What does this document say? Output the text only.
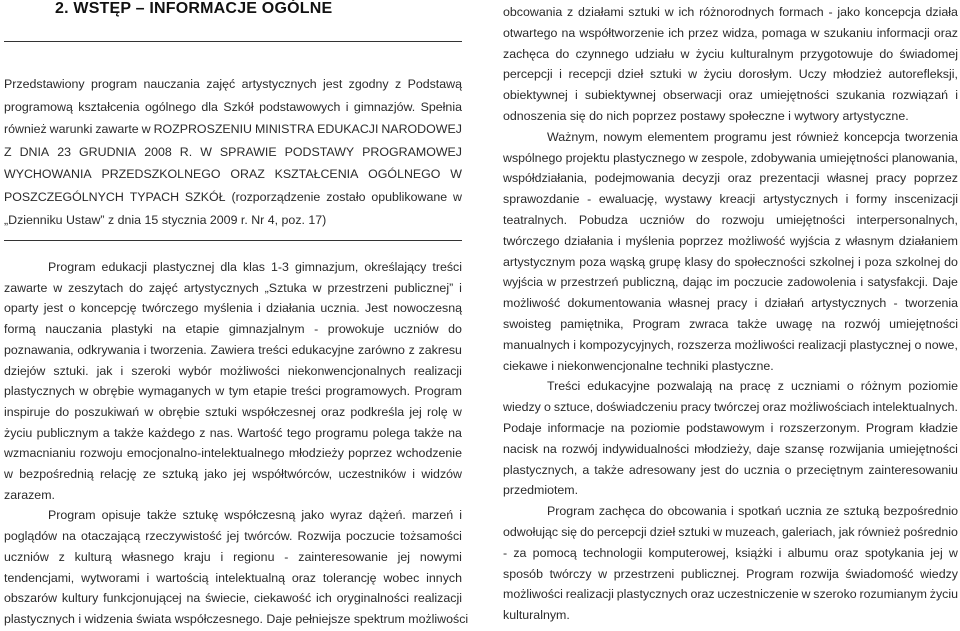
2. WSTĘP – INFORMACJE OGÓLNE
Przedstawiony program nauczania zajęć artystycznych jest zgodny z Podstawą
programową kształcenia ogólnego dla Szkół podstawowych i gimnazjów. Spełnia
również warunki zawarte w ROZPROSZENIU MINISTRA EDUKACJI NARODOWEJ
Z DNIA 23 GRUDNIA 2008 R. W SPRAWIE PODSTAWY PROGRAMOWEJ
WYCHOWANIA PRZEDSZKOLNEGO ORAZ KSZTAŁCENIA OGÓLNEGO W
POSZCZEGÓLNYCH TYPACH SZKÓŁ (rozporządzenie zostało opublikowane w
„Dzienniku Ustaw” z dnia 15 stycznia 2009 r. Nr 4, poz. 17)
Program edukacji plastycznej dla klas 1-3 gimnazjum, określający treści
zawarte w zeszytach do zajęć artystycznych „Sztuka w przestrzeni publicznej” i
oparty jest o koncepcję twórczego myślenia i działania ucznia. Jest nowoczesną
formą nauczania plastyki na etapie gimnazjalnym - prowokuje uczniów do
poznawania, odkrywania i tworzenia. Zawiera treści edukacyjne zarówno z zakresu
dziejów sztuki. jak i szeroki wybór możliwości niekonwencjonalnych realizacji
plastycznych w obrębie wymaganych w tym etapie treści programowych. Program
inspiruje do poszukiwań w obrębie sztuki współczesnej oraz podkreśla jej rolę w
życiu publicznym a także każdego z nas. Wartość tego programu polega także na
wzmacnianiu rozwoju emocjonalno-intelektualnego młodzieży poprzez wchodzenie
w bezpośrednią relację ze sztuką jako jej współtwórców, uczestników i widzów
zarazem.
Program opisuje także sztukę współczesną jako wyraz dążeń. marzeń i
poglądów na otaczającą rzeczywistość jej twórców. Rozwija poczucie tożsamości
uczniów z kulturą własnego kraju i regionu - zainteresowanie jej nowymi
tendencjami, wytworami i wartością intelektualną oraz tolerancję wobec innych
obszarów kultury funkcjonującej na świecie, ciekawość ich oryginalności realizacji
plastycznych i widzenia świata współczesnego. Daje pełniejsze spektrum możliwości
obcowania z działami sztuki w ich różnorodnych formach - jako koncepcja działa
otwartego na współtworzenie ich przez widza, pomaga w szukaniu informacji oraz
zachęca do czynnego udziału w życiu kulturalnym przygotowuje do świadomej
percepcji i recepcji dzieł sztuki w życiu dorosłym. Uczy młodzież autorefleksji,
obiektywnej i subiektywnej obserwacji oraz umiejętności szukania rozwiązań i
odnoszenia się do nich poprzez postawy społeczne i wytwory artystyczne.
Ważnym, nowym elementem programu jest również koncepcja tworzenia
wspólnego projektu plastycznego w zespole, zdobywania umiejętności planowania,
współdziałania, podejmowania decyzji oraz prezentacji własnej pracy poprzez
sprawozdanie - ewaluację, wystawy kreacji artystycznych i formy inscenizacji
teatralnych. Pobudza uczniów do rozwoju umiejętności interpersonalnych,
twórczego działania i myślenia poprzez możliwość wyjścia z własnym działaniem
artystycznym poza wąską grupę klasy do społeczności szkolnej i poza szkolnej do
wyjścia w przestrzeń publiczną, dając im poczucie zadowolenia i satysfakcji. Daje
możliwość dokumentowania własnej pracy i działań artystycznych - tworzenia
swoisteg pamiętnika, Program zwraca także uwagę na rozwój umiejętności
manualnych i kompozycyjnych, rozszerza możliwości realizacji plastycznej o nowe,
ciekawe i niekonwencjonalne techniki plastyczne.
Treści edukacyjne pozwalają na pracę z uczniami o różnym poziomie
wiedzy o sztuce, doświadczeniu pracy twórczej oraz możliwościach intelektualnych.
Podaje informacje na poziomie podstawowym i rozszerzonym. Program kładzie
nacisk na rozwój indywidualności młodzieży, daje szansę rozwijania umiejętności
plastycznych, a także adresowany jest do ucznia o przeciętnym zainteresowaniu
przedmiotem.
Program zachęca do obcowania i spotkań ucznia ze sztuką bezpośrednio
odwołując się do percepcji dzieł sztuki w muzeach, galeriach, jak również pośrednio
- za pomocą technologii komputerowej, książki i albumu oraz spotykania jej w
sposób twórczy w przestrzeni publicznej. Program rozwija świadomość wiedzy
możliwości realizacji plastycznych oraz uczestniczenie w szeroko rozumianym życiu
kulturalnym.
